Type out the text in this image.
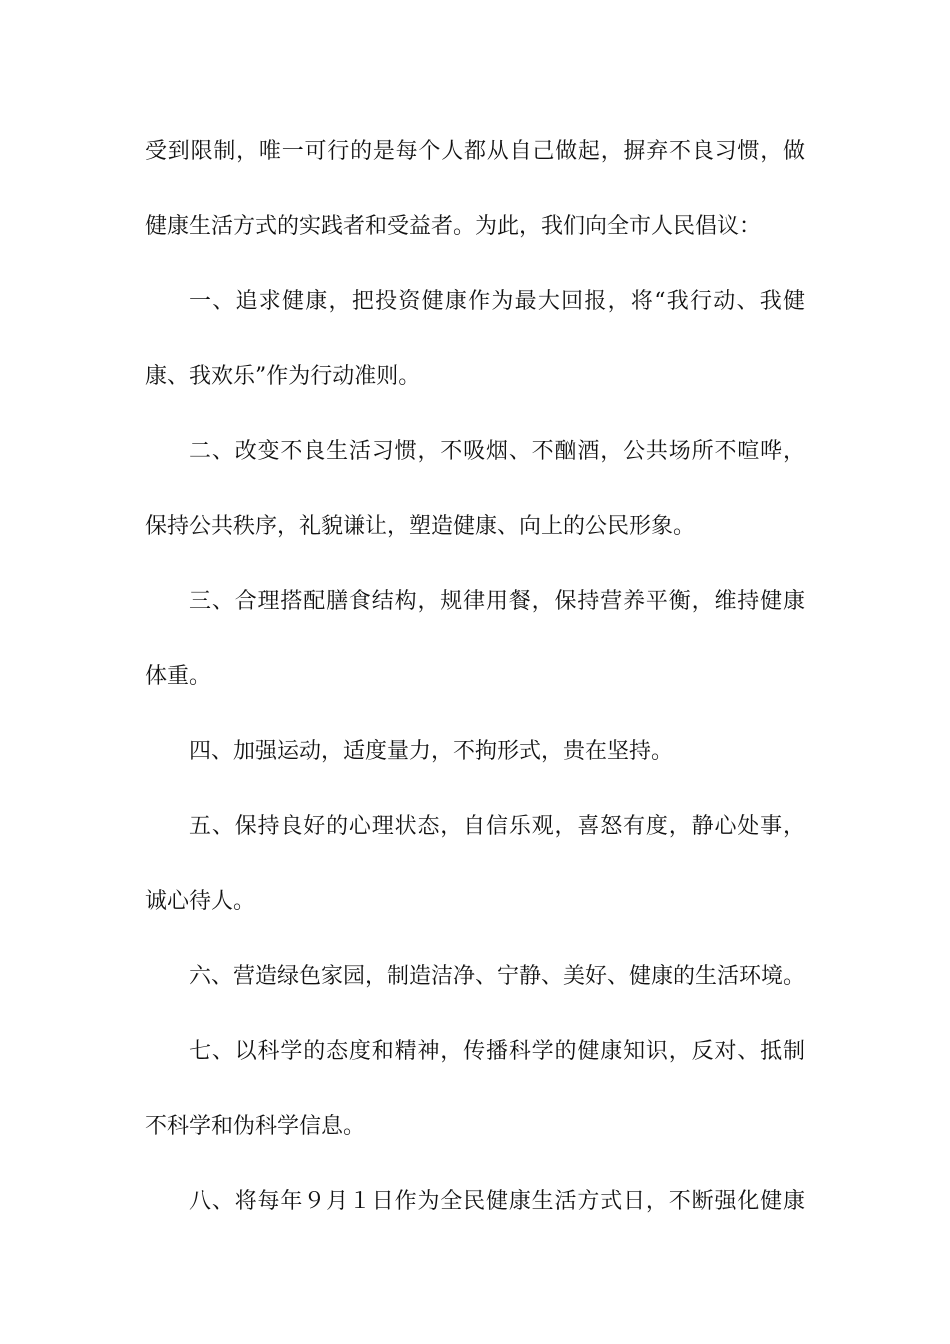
受到限制，唯一可行的是每个人都从自己做起，摒弃不良习惯，做

健康生活方式的实践者和受益者。为此，我们向全市人民倡议：

一、追求健康，把投资健康作为最大回报，将“我行动、我健

康、我欢乐”作为行动准则。

二、改变不良生活习惯，不吸烟、不酗酒，公共场所不喧哗，

保持公共秩序，礼貌谦让，塑造健康、向上的公民形象。

三、合理搭配膳食结构，规律用餐，保持营养平衡，维持健康

体重。

四、加强运动，适度量力，不拘形式，贵在坚持。

五、保持良好的心理状态，自信乐观，喜怒有度，静心处事，

诚心待人。

六、营造绿色家园，制造洁净、宁静、美好、健康的生活环境。

七、以科学的态度和精神，传播科学的健康知识，反对、抵制

不科学和伪科学信息。

八、将每年９月１日作为全民健康生活方式日，不断强化健康
